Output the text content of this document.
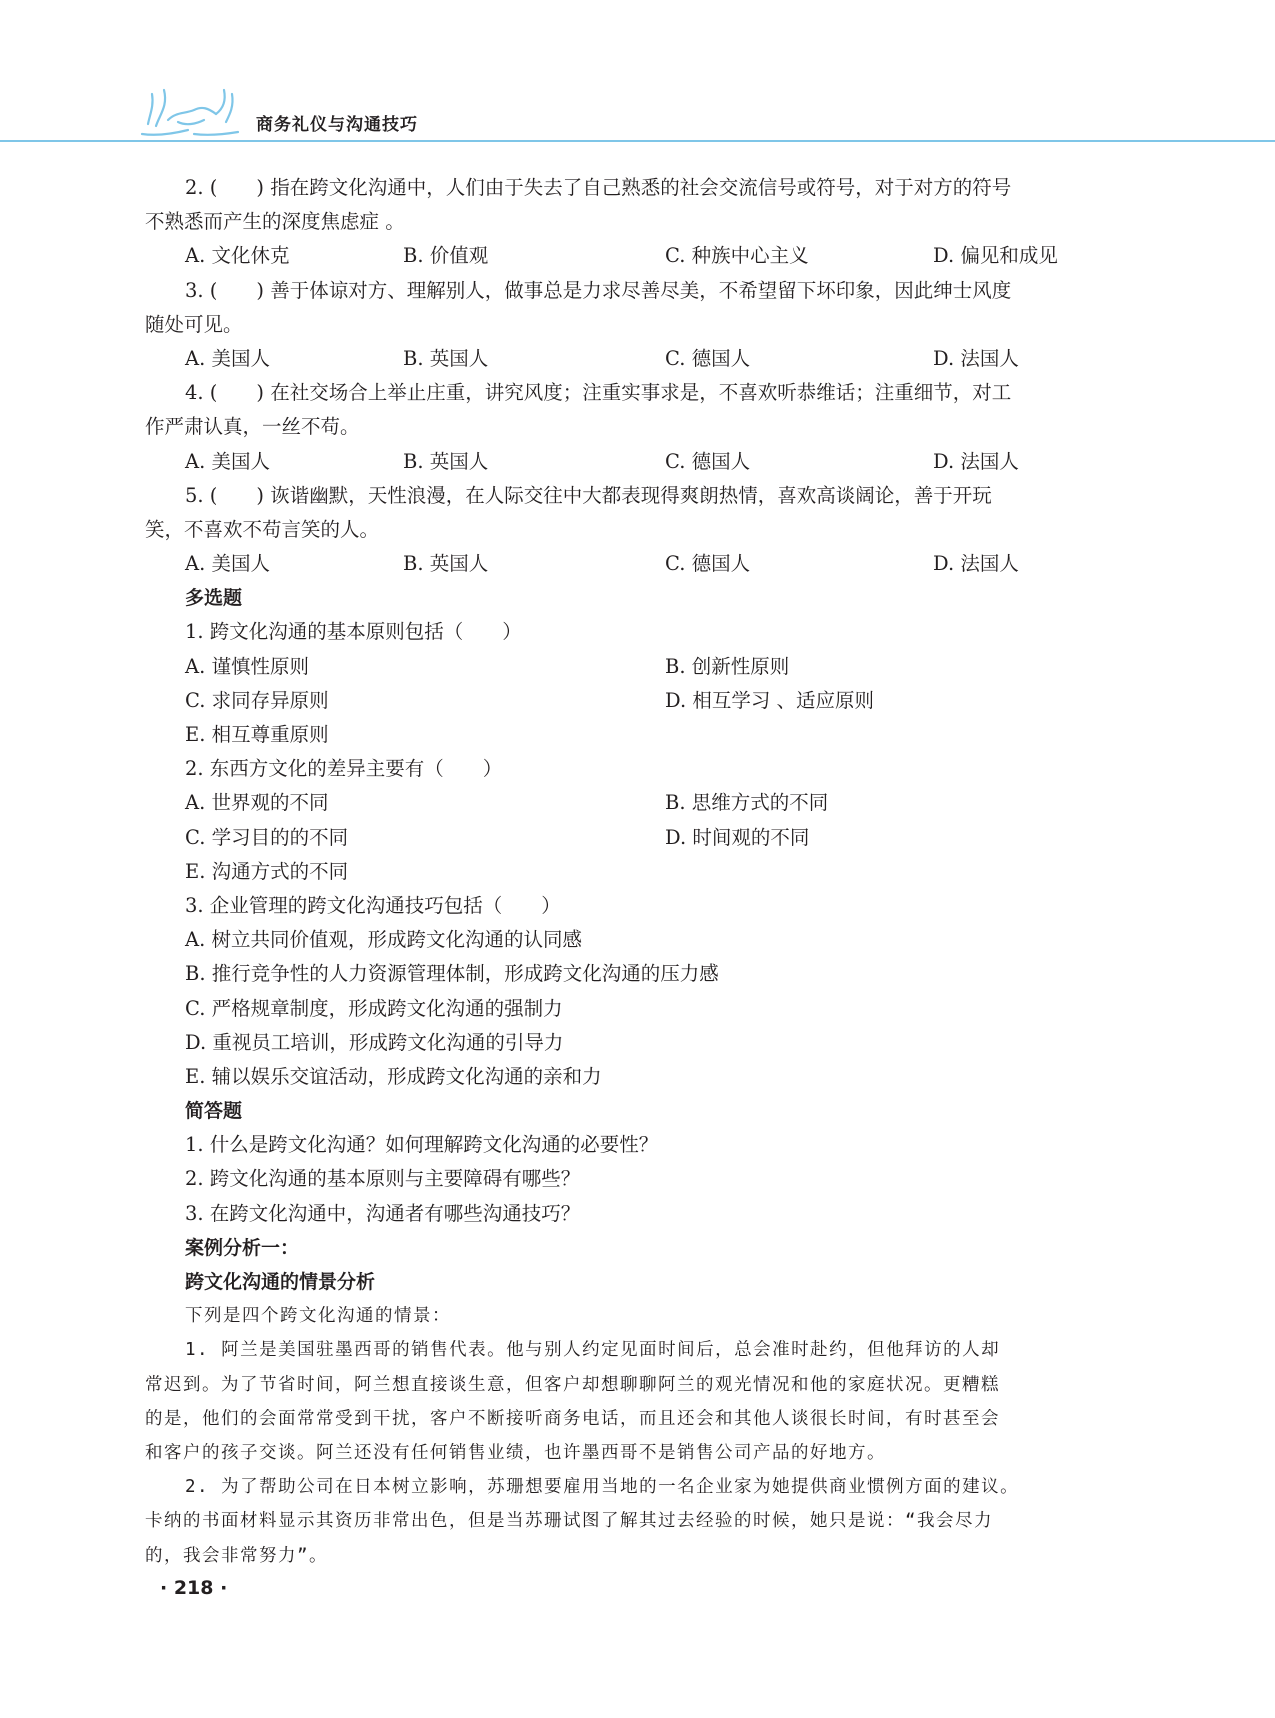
商务礼仪与沟通技巧
2. (　　) 指在跨文化沟通中，人们由于失去了自己熟悉的社会交流信号或符号，对于对方的符号
不熟悉而产生的深度焦虑症 。
A. 文化休克	B. 价值观	C. 种族中心主义	D. 偏见和成见
3. (　　) 善于体谅对方、理解别人，做事总是力求尽善尽美，不希望留下坏印象，因此绅士风度
随处可见。
A. 美国人	B. 英国人	C. 德国人	D. 法国人
4. (　　) 在社交场合上举止庄重，讲究风度；注重实事求是，不喜欢听恭维话；注重细节，对工
作严肃认真，一丝不苟。
A. 美国人	B. 英国人	C. 德国人	D. 法国人
5. (　　) 诙谐幽默，天性浪漫，在人际交往中大都表现得爽朗热情，喜欢高谈阔论，善于开玩
笑，不喜欢不苟言笑的人。
A. 美国人	B. 英国人	C. 德国人	D. 法国人
多选题
1. 跨文化沟通的基本原则包括（　　）
A. 谨慎性原则	B. 创新性原则
C. 求同存异原则	D. 相互学习 、适应原则
E. 相互尊重原则
2. 东西方文化的差异主要有（　　）
A. 世界观的不同	B. 思维方式的不同
C. 学习目的的不同	D. 时间观的不同
E. 沟通方式的不同
3. 企业管理的跨文化沟通技巧包括（　　）
A. 树立共同价值观，形成跨文化沟通的认同感
B. 推行竞争性的人力资源管理体制，形成跨文化沟通的压力感
C. 严格规章制度，形成跨文化沟通的强制力
D. 重视员工培训，形成跨文化沟通的引导力
E. 辅以娱乐交谊活动，形成跨文化沟通的亲和力
简答题
1. 什么是跨文化沟通？如何理解跨文化沟通的必要性？
2. 跨文化沟通的基本原则与主要障碍有哪些？
3. 在跨文化沟通中，沟通者有哪些沟通技巧？
案例分析一：
跨文化沟通的情景分析
下列是四个跨文化沟通的情景：
1. 阿兰是美国驻墨西哥的销售代表。他与别人约定见面时间后，总会准时赴约，但他拜访的人却
常迟到。为了节省时间，阿兰想直接谈生意，但客户却想聊聊阿兰的观光情况和他的家庭状况。更糟糕
的是，他们的会面常常受到干扰，客户不断接听商务电话，而且还会和其他人谈很长时间，有时甚至会
和客户的孩子交谈。阿兰还没有任何销售业绩，也许墨西哥不是销售公司产品的好地方。
2. 为了帮助公司在日本树立影响，苏珊想要雇用当地的一名企业家为她提供商业惯例方面的建议。
卡纳的书面材料显示其资历非常出色，但是当苏珊试图了解其过去经验的时候，她只是说：“我会尽力
的，我会非常努力”。
· 218 ·
